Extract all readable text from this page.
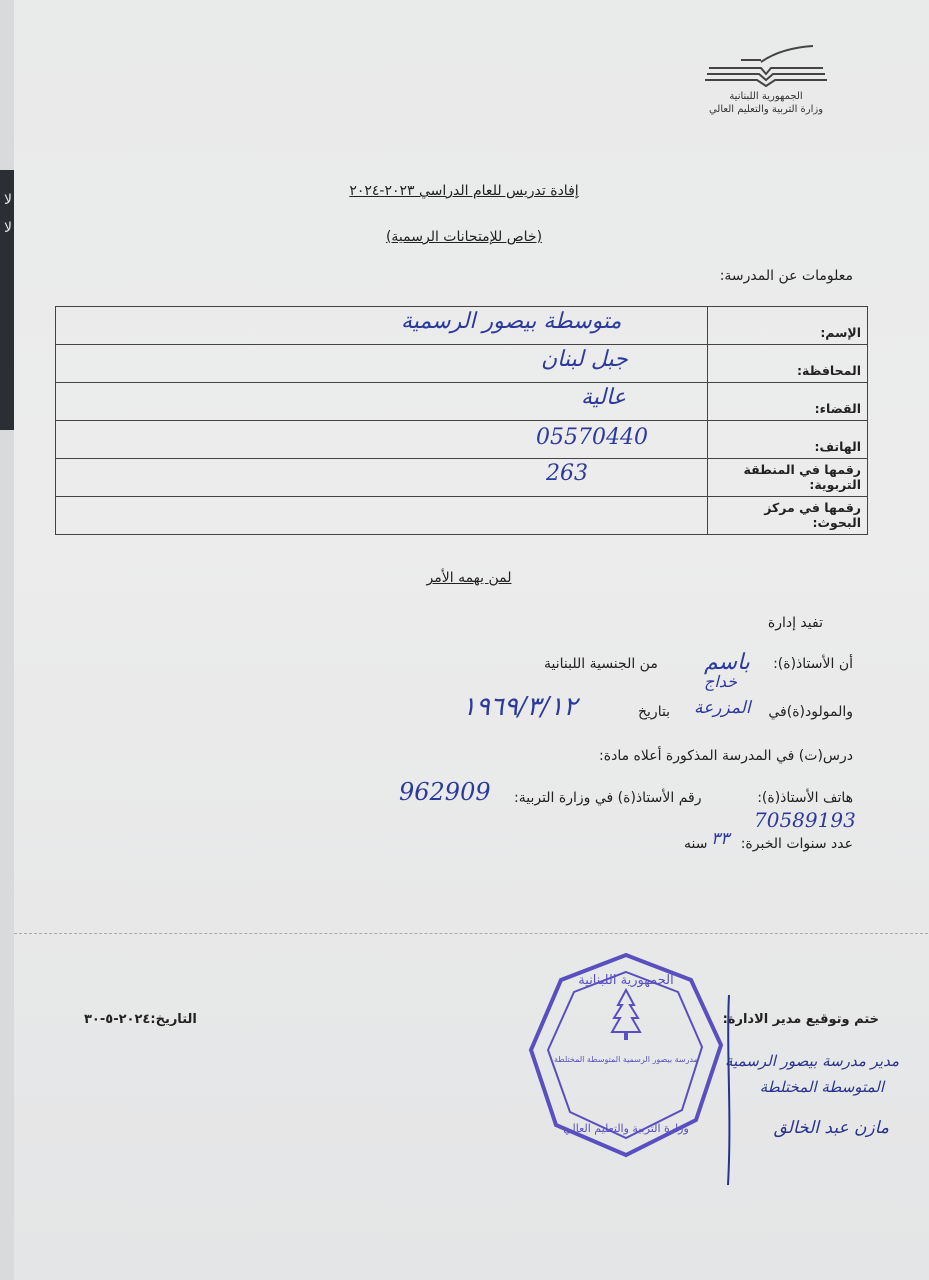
لا
لا
الجمهورية اللبنانية
وزارة التربية والتعليم العالي
إفادة تدريس للعام الدراسي ٢٠٢٣-٢٠٢٤
(خاص للإمتحانات الرسمية)
معلومات عن المدرسة:
متوسطة بيصور الرسمية	الإسم:

جبل لبنان	المحافظة:

عالية	القضاء:

05570440	الهاتف:

263	رقمها في المنطقة التربوية:
	رقمها في مركز البحوث:
لمن يهمه الأمر
تفيد إدارة
أن الأستاذ(ة):
باسم
خداج
من الجنسية اللبنانية
والمولود(ة)في
المزرعة
بتاريخ
١٩٦٩/٣/١٢
درس(ت) في المدرسة المذكورة أعلاه مادة:
هاتف الأستاذ(ة):
962909 رقم الأستاذ(ة) في وزارة التربية:
70589193
عدد سنوات الخبرة:
٣٣
سنه
ختم وتوقيع مدير الادارة:
التاريخ:٢٠٢٤-٥-٣٠
مدرسة بيصور الرسمية المتوسطة المختلطة
الجمهورية اللبنانية
وزارة التربية والتعليم العالي
مدير مدرسة بيصور الرسمية
المتوسطة المختلطة
مازن عبد الخالق
